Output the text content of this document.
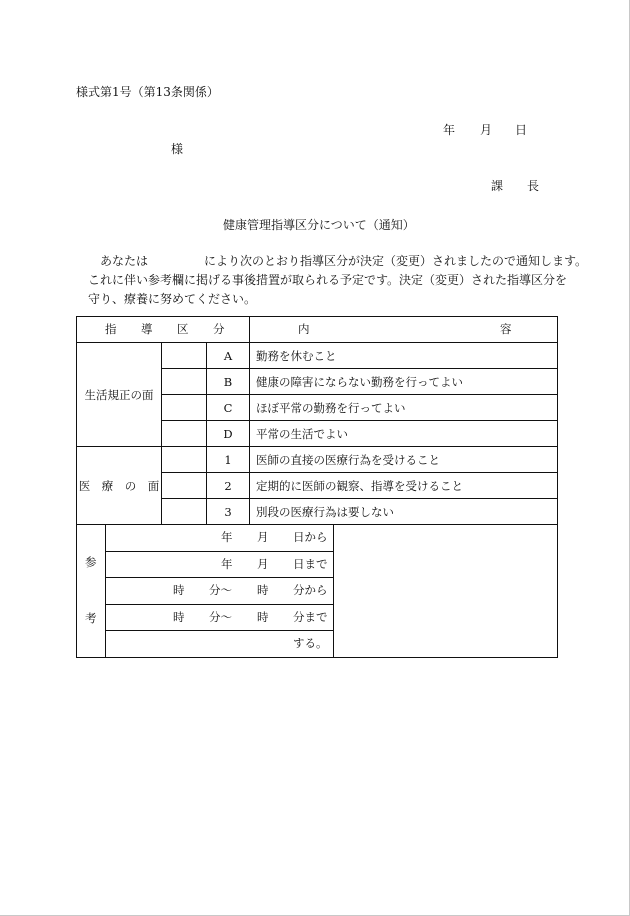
様式第1号（第13条関係）
年 月 日
様
課 長
健康管理指導区分について（通知）
あなたは	により次のとおり指導区分が決定（変更）されましたので通知します。
これに伴い参考欄に掲げる事後措置が取られる予定です。決定（変更）された指導区分を
守り、療養に努めてください。
指 導 区 分			内 容

生活規正の面		A	勤務を休むこと
		B	健康の障害にならない勤務を行ってよい
		C	ほぼ平常の勤務を行ってよい
		D	平常の生活でよい
医　療　の　面		1	医師の直接の医療行為を受けること
		2	定期的に医師の観察、指導を受けること
		3	別段の医療行為は要しない
参
考

年 月 日から
年 月 日まで
時 分〜 時 分から
時 分〜 時 分まで
する。
